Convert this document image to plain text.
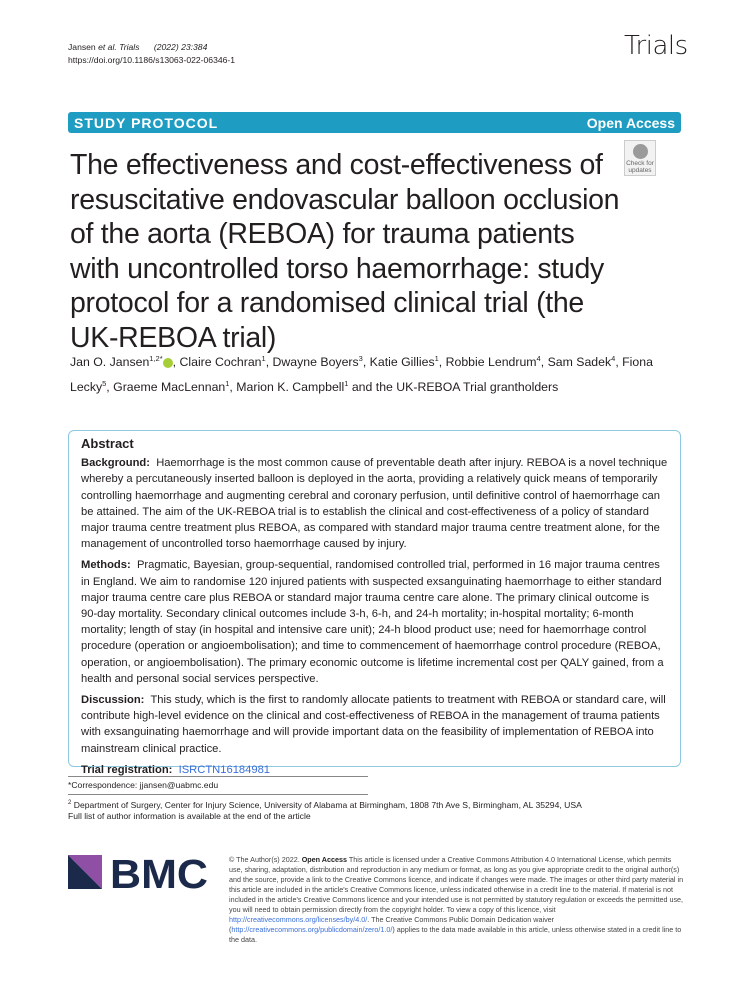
Jansen et al. Trials (2022) 23:384
https://doi.org/10.1186/s13063-022-06346-1	Trials
STUDY PROTOCOL	Open Access
Check for updates
The effectiveness and cost-effectiveness of resuscitative endovascular balloon occlusion of the aorta (REBOA) for trauma patients with uncontrolled torso haemorrhage: study protocol for a randomised clinical trial (the UK-REBOA trial)
Jan O. Jansen$^{1,2*}$ , Claire Cochran$^1$, Dwayne Boyers$^3$, Katie Gillies$^1$, Robbie Lendrum$^4$, Sam Sadek$^4$, Fiona Lecky$^5$, Graeme MacLennan$^1$, Marion K. Campbell$^1$ and the UK-REBOA Trial grantholders
Abstract

Background: Haemorrhage is the most common cause of preventable death after injury. REBOA is a novel technique whereby a percutaneously inserted balloon is deployed in the aorta, providing a relatively quick means of temporarily controlling haemorrhage and augmenting cerebral and coronary perfusion, until definitive control of haemorrhage can be attained. The aim of the UK-REBOA trial is to establish the clinical and cost-effectiveness of a policy of standard major trauma centre treatment plus REBOA, as compared with standard major trauma centre treatment alone, for the management of uncontrolled torso haemorrhage caused by injury.

Methods: Pragmatic, Bayesian, group-sequential, randomised controlled trial, performed in 16 major trauma centres in England. We aim to randomise 120 injured patients with suspected exsanguinating haemorrhage to either standard major trauma centre care plus REBOA or standard major trauma centre care alone. The primary clinical outcome is 90-day mortality. Secondary clinical outcomes include 3-h, 6-h, and 24-h mortality; in-hospital mortality; 6-month mortality; length of stay (in hospital and intensive care unit); 24-h blood product use; need for haemorrhage control procedure (operation or angioembolisation); and time to commencement of haemorrhage control procedure (REBOA, operation, or angioembolisation). The primary economic outcome is lifetime incremental cost per QALY gained, from a health and personal social services perspective.

Discussion: This study, which is the first to randomly allocate patients to treatment with REBOA or standard care, will contribute high-level evidence on the clinical and cost-effectiveness of REBOA in the management of trauma patients with exsanguinating haemorrhage and will provide important data on the feasibility of implementation of REBOA into mainstream clinical practice.

Trial registration: ISRCTN16184981

*Correspondence: jjansen@uabmc.edu
$^2$ Department of Surgery, Center for Injury Science, University of Alabama at Birmingham, 1808 7th Ave S, Birmingham, AL 35294, USA
Full list of author information is available at the end of the article
BMC	© The Author(s) 2022. Open Access This article is licensed under a Creative Commons Attribution 4.0 International License, which permits use, sharing, adaptation, distribution and reproduction in any medium or format, as long as you give appropriate credit to the original author(s) and the source, provide a link to the Creative Commons licence, and indicate if changes were made. The images or other third party material in this article are included in the article's Creative Commons licence, unless indicated otherwise in a credit line to the material. If material is not included in the article's Creative Commons licence and your intended use is not permitted by statutory regulation or exceeds the permitted use, you will need to obtain permission directly from the copyright holder. To view a copy of this licence, visit http://creativecommons.org/licenses/by/4.0/. The Creative Commons Public Domain Dedication waiver (http://creativecommons.org/publicdomain/zero/1.0/) applies to the data made available in this article, unless otherwise stated in a credit line to the data.
